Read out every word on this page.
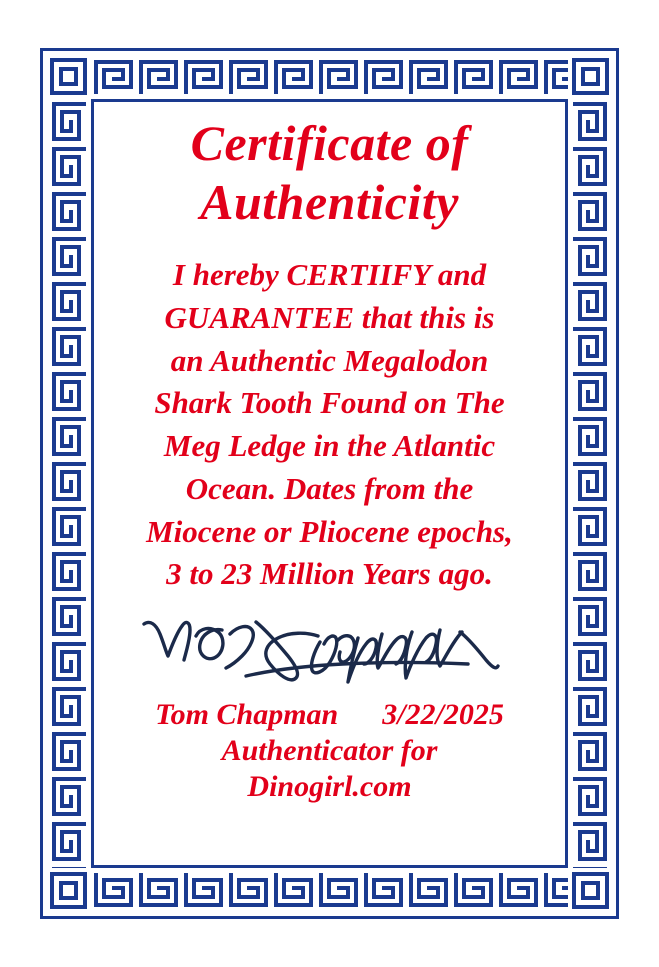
Certificate of
Authenticity
I hereby CERTIIFY and
GUARANTEE that this is
an Authentic Megalodon
Shark Tooth Found on The
Meg Ledge in the Atlantic
Ocean. Dates from the
Miocene or Pliocene epochs,
3 to 23 Million Years ago.
Tom Chapman 3/22/2025
Authenticator for
Dinogirl.com
